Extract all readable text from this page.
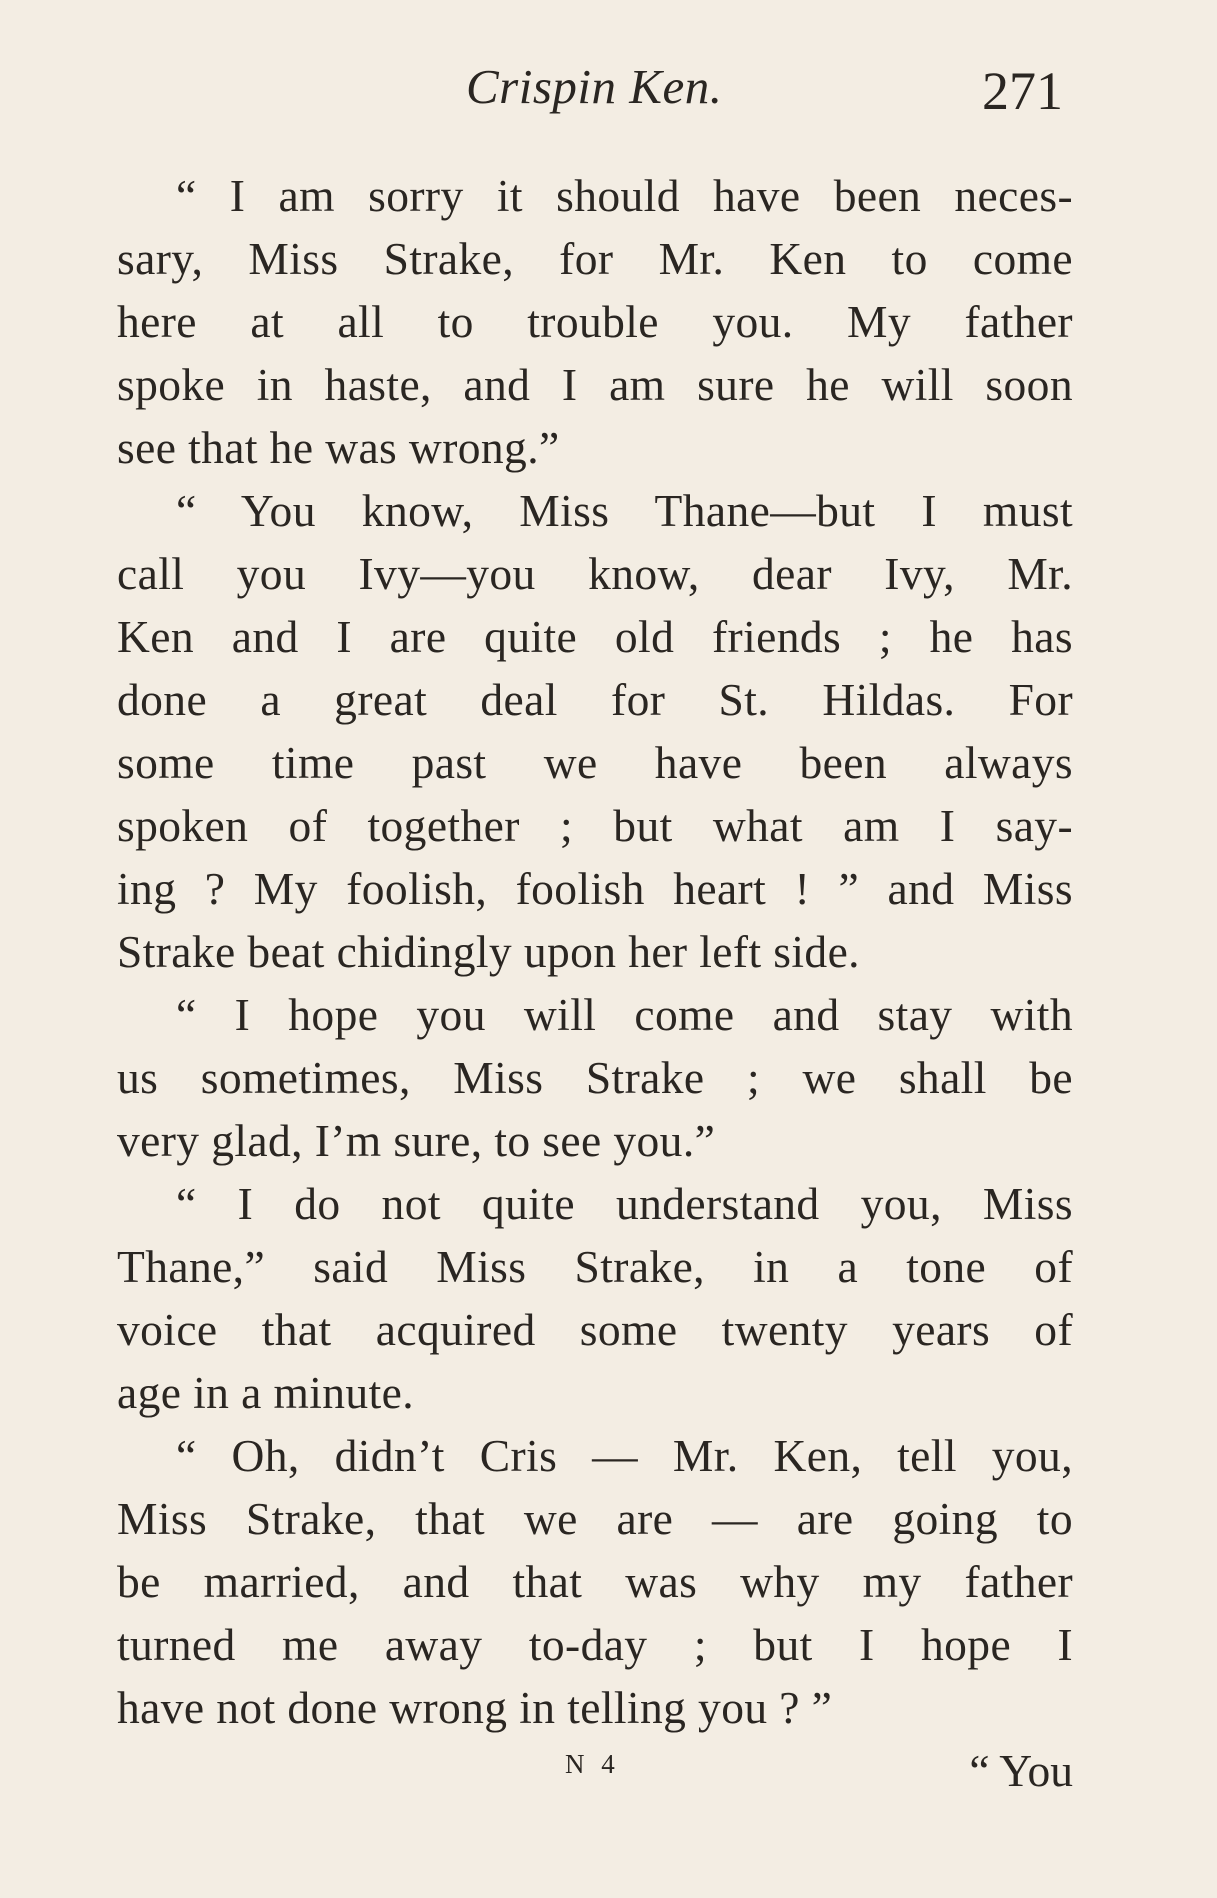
Crispin Ken.	271
“ I am sorry it should have been neces-
sary, Miss Strake, for Mr. Ken to come
here at all to trouble you. My father
spoke in haste, and I am sure he will soon
see that he was wrong.”
“ You know, Miss Thane—but I must
call you Ivy—you know, dear Ivy, Mr.
Ken and I are quite old friends ; he has
done a great deal for St. Hildas. For
some time past we have been always
spoken of together ; but what am I say-
ing ? My foolish, foolish heart ! ” and Miss
Strake beat chidingly upon her left side.
“ I hope you will come and stay with
us sometimes, Miss Strake ; we shall be
very glad, I’m sure, to see you.”
“ I do not quite understand you, Miss
Thane,” said Miss Strake, in a tone of
voice that acquired some twenty years of
age in a minute.
“ Oh, didn’t Cris — Mr. Ken, tell you,
Miss Strake, that we are — are going to
be married, and that was why my father
turned me away to-day ; but I hope I
have not done wrong in telling you ? ”
N 4	“ You
